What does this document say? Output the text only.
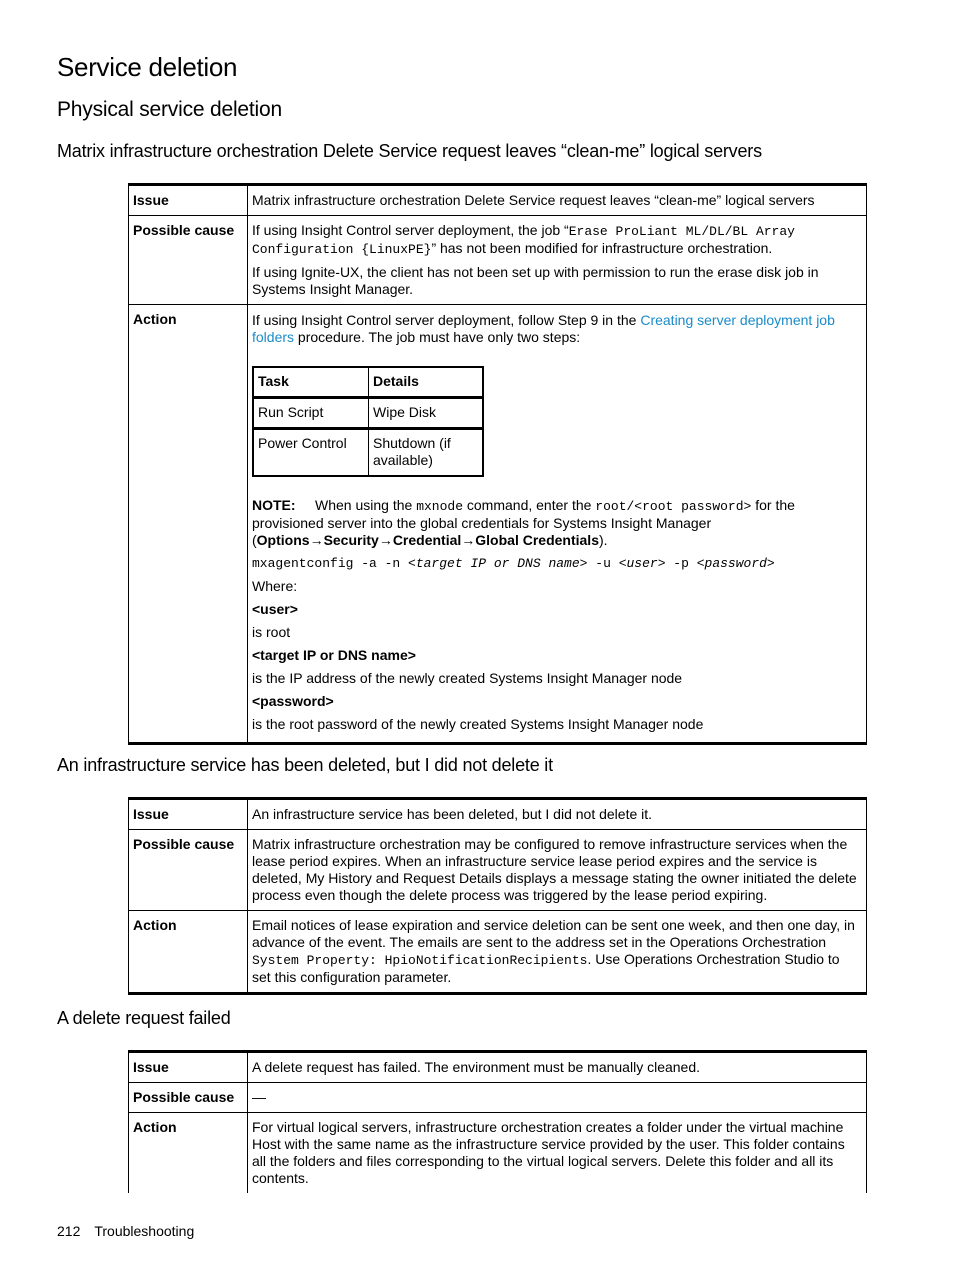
Service deletion
Physical service deletion
Matrix infrastructure orchestration Delete Service request leaves “clean-me” logical servers
Issue	Matrix infrastructure orchestration Delete Service request leaves “clean-me” logical servers
Possible cause	If using Insight Control server deployment, the job “Erase ProLiant ML/DL/BL Array Configuration {LinuxPE}” has not been modified for infrastructure orchestration.

If using Ignite-UX, the client has not been set up with permission to run the erase disk job in Systems Insight Manager.

Action	If using Insight Control server deployment, follow Step 9 in the Creating server deployment job folders procedure. The job must have only two steps:

Task	Details
Run Script	Wipe Disk
Power Control	Shutdown (if available)

NOTE: When using the mxnode command, enter the root/<root password> for the provisioned server into the global credentials for Systems Insight Manager (Options→Security→Credential→Global Credentials).

mxagentconfig -a -n <target IP or DNS name> -u <user> -p <password>

Where:

<user>

is root

<target IP or DNS name>

is the IP address of the newly created Systems Insight Manager node

<password>

is the root password of the newly created Systems Insight Manager node

An infrastructure service has been deleted, but I did not delete it
Issue	An infrastructure service has been deleted, but I did not delete it.
Possible cause	Matrix infrastructure orchestration may be configured to remove infrastructure services when the lease period expires. When an infrastructure service lease period expires and the service is deleted, My History and Request Details displays a message stating the owner initiated the delete process even though the delete process was triggered by the lease period expiring.
Action	Email notices of lease expiration and service deletion can be sent one week, and then one day, in advance of the event. The emails are sent to the address set in the Operations Orchestration System Property: HpioNotificationRecipients. Use Operations Orchestration Studio to set this configuration parameter.
A delete request failed
Issue	A delete request has failed. The environment must be manually cleaned.
Possible cause	—
Action	For virtual logical servers, infrastructure orchestration creates a folder under the virtual machine Host with the same name as the infrastructure service provided by the user. This folder contains all the folders and files corresponding to the virtual logical servers. Delete this folder and all its contents.
212 Troubleshooting
